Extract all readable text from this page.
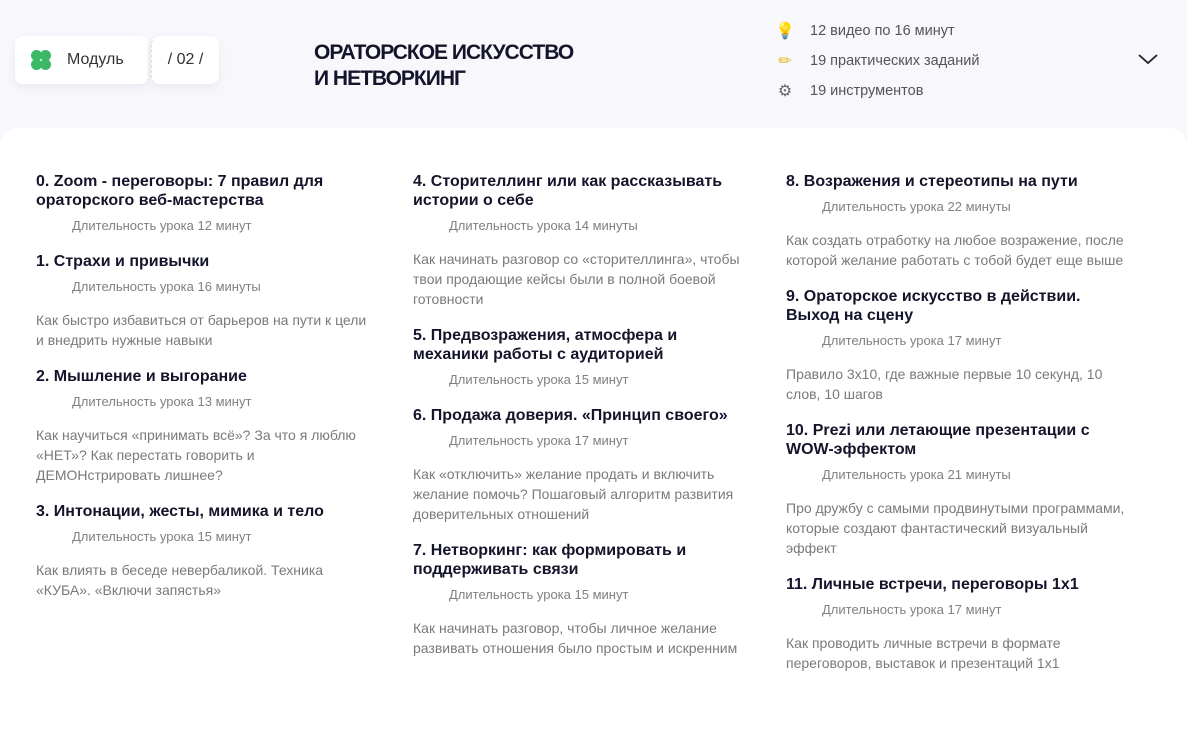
Модуль	/ 02 /	ОРАТОРСКОЕ ИСКУССТВО
И НЕТВОРКИНГ
💡 12 видео по 16 минут
✏ 19 практических заданий
⚙ 19 инструментов
0. Zoom - переговоры: 7 правил для ораторского веб-мастерства
Длительность урока 12 минут
1. Страхи и привычки
Длительность урока 16 минуты
Как быстро избавиться от барьеров на пути к цели и внедрить нужные навыки
2. Мышление и выгорание
Длительность урока 13 минут
Как научиться «принимать всё»? За что я люблю «НЕТ»? Как перестать говорить и ДЕМОНстрировать лишнее?
3. Интонации, жесты, мимика и тело
Длительность урока 15 минут
Как влиять в беседе невербаликой. Техника «КУБА». «Включи запястья»
4. Сторителлинг или как рассказывать истории о себе
Длительность урока 14 минуты
Как начинать разговор со «сторителлинга», чтобы твои продающие кейсы были в полной боевой готовности
5. Предвозражения, атмосфера и механики работы с аудиторией
Длительность урока 15 минут
6. Продажа доверия. «Принцип своего»
Длительность урока 17 минут
Как «отключить» желание продать и включить желание помочь? Пошаговый алгоритм развития доверительных отношений
7. Нетворкинг: как формировать и поддерживать связи
Длительность урока 15 минут
Как начинать разговор, чтобы личное желание развивать отношения было простым и искренним
8. Возражения и стереотипы на пути
Длительность урока 22 минуты
Как создать отработку на любое возражение, после которой желание работать с тобой будет еще выше
9. Ораторское искусство в действии. Выход на сцену
Длительность урока 17 минут
Правило 3х10, где важные первые 10 секунд, 10 слов, 10 шагов
10. Prezi или летающие презентации с WOW-эффектом
Длительность урока 21 минуты
Про дружбу с самыми продвинутыми программами, которые создают фантастический визуальный эффект
11. Личные встречи, переговоры 1х1
Длительность урока 17 минут
Как проводить личные встречи в формате переговоров, выставок и презентаций 1х1
